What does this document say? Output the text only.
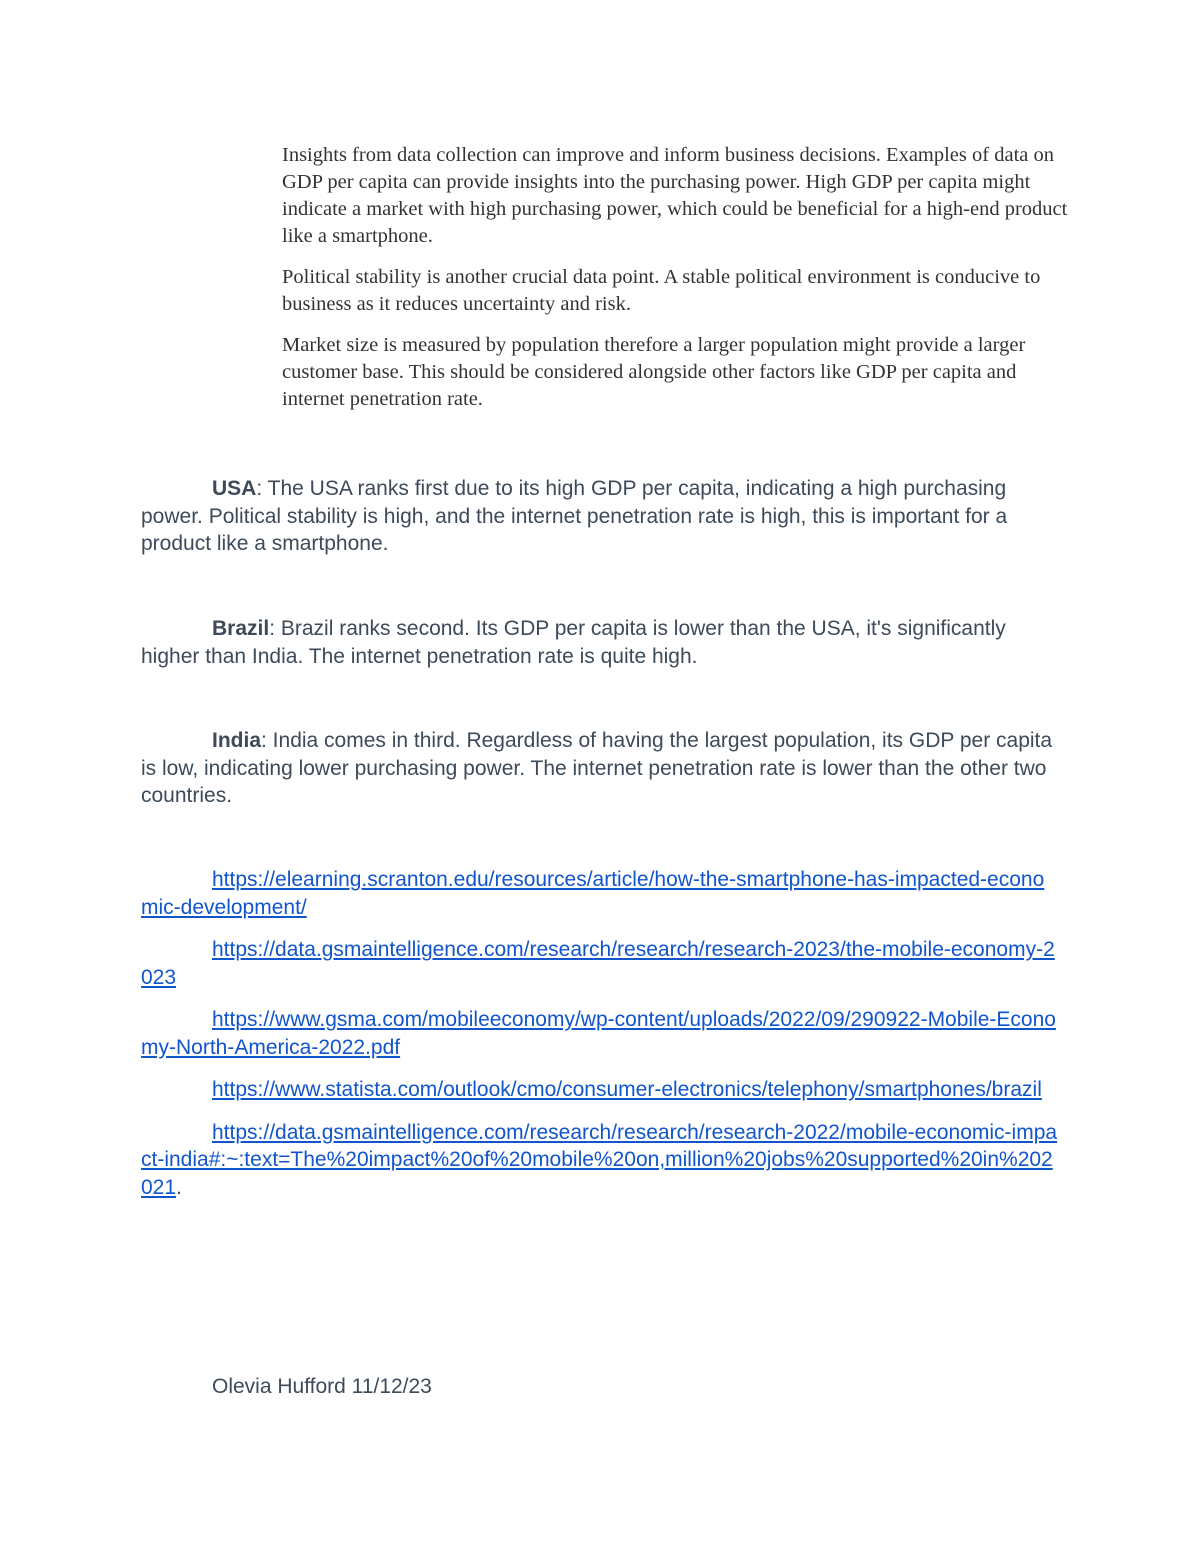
Insights from data collection can improve and inform business decisions. Examples of data on GDP per capita can provide insights into the purchasing power. High GDP per capita might indicate a market with high purchasing power, which could be beneficial for a high-end product like a smartphone.

Political stability is another crucial data point. A stable political environment is conducive to business as it reduces uncertainty and risk.

Market size is measured by population therefore a larger population might provide a larger customer base. This should be considered alongside other factors like GDP per capita and internet penetration rate.

USA: The USA ranks first due to its high GDP per capita, indicating a high purchasing power. Political stability is high, and the internet penetration rate is high, this is important for a product like a smartphone.

Brazil: Brazil ranks second. Its GDP per capita is lower than the USA, it's significantly higher than India. The internet penetration rate is quite high.

India: India comes in third. Regardless of having the largest population, its GDP per capita is low, indicating lower purchasing power. The internet penetration rate is lower than the other two countries.

https://elearning.scranton.edu/resources/article/how-the-smartphone-has-impacted-economic-development/

https://data.gsmaintelligence.com/research/research/research-2023/the-mobile-economy-2023

https://www.gsma.com/mobileeconomy/wp-content/uploads/2022/09/290922-Mobile-Economy-North-America-2022.pdf

https://www.statista.com/outlook/cmo/consumer-electronics/telephony/smartphones/brazil

https://data.gsmaintelligence.com/research/research/research-2022/mobile-economic-impact-india#:~:text=The%20impact%20of%20mobile%20on,million%20jobs%20supported%20in%202021.

Olevia Hufford 11/12/23
